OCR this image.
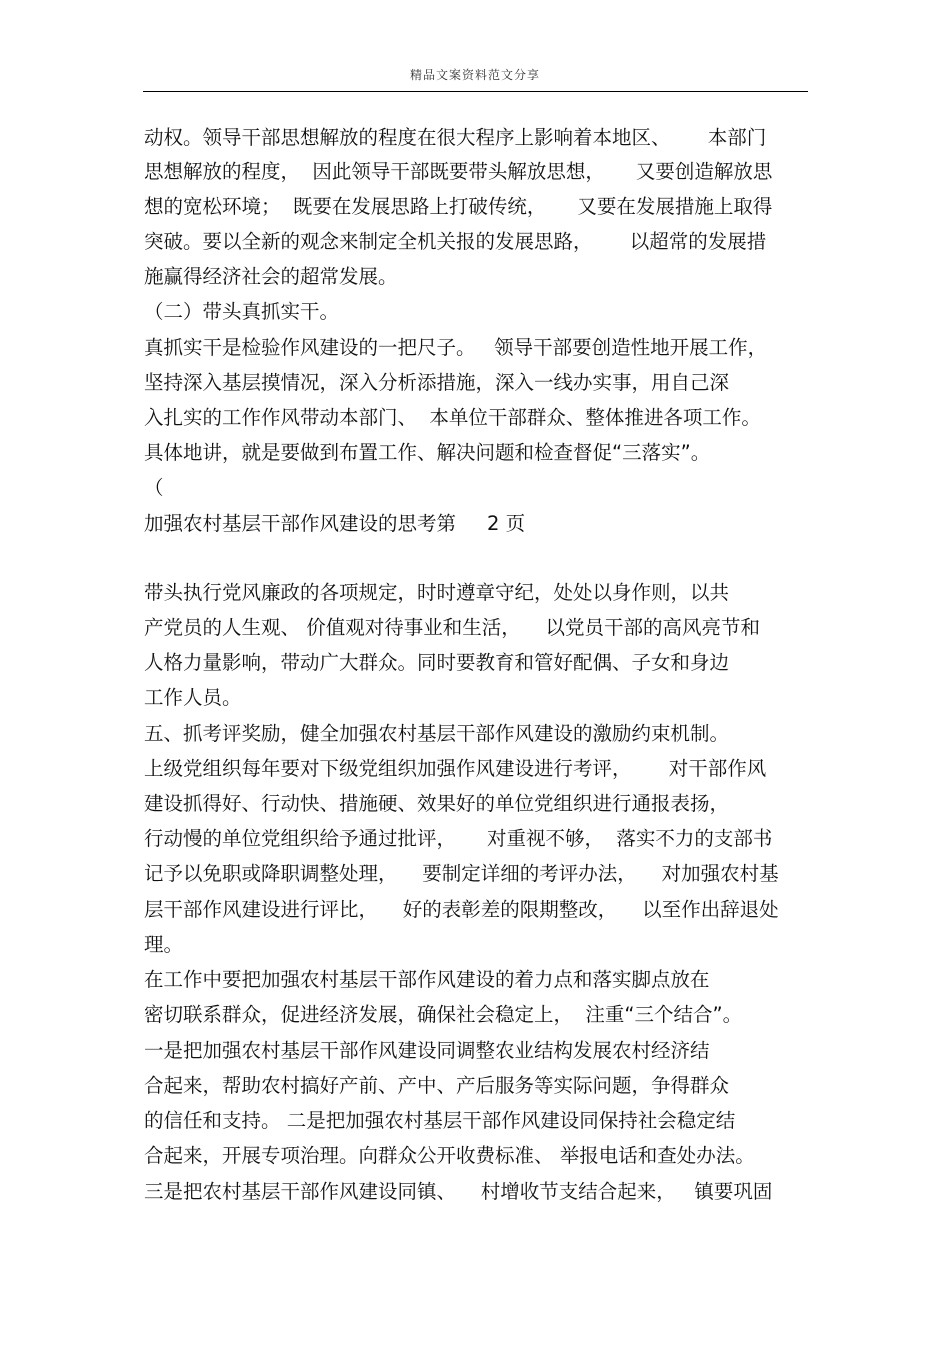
精品文案资料范文分享
动权。领导干部思想解放的程度在很大程序上影响着本地区、      本部门
思想解放的程度，  因此领导干部既要带头解放思想，     又要创造解放思
想的宽松环境；  既要在发展思路上打破传统，     又要在发展措施上取得
突破。要以全新的观念来制定全机关报的发展思路，      以超常的发展措
施赢得经济社会的超常发展。
（二）带头真抓实干。
真抓实干是检验作风建设的一把尺子。   领导干部要创造性地开展工作，
坚持深入基层摸情况，深入分析添措施，深入一线办实事，用自己深
入扎实的工作作风带动本部门、  本单位干部群众、整体推进各项工作。
具体地讲，就是要做到布置工作、解决问题和检查督促“三落实”。
（
加强农村基层干部作风建设的思考第     2 页
带头执行党风廉政的各项规定，时时遵章守纪，处处以身作则，以共
产党员的人生观、 价值观对待事业和生活，    以党员干部的高风亮节和
人格力量影响，带动广大群众。同时要教育和管好配偶、子女和身边
工作人员。
五、抓考评奖励，健全加强农村基层干部作风建设的激励约束机制。
上级党组织每年要对下级党组织加强作风建设进行考评，      对干部作风
建设抓得好、行动快、措施硬、效果好的单位党组织进行通报表扬，
行动慢的单位党组织给予通过批评，     对重视不够，  落实不力的支部书
记予以免职或降职调整处理，    要制定详细的考评办法，    对加强农村基
层干部作风建设进行评比，    好的表彰差的限期整改，    以至作出辞退处
理。
在工作中要把加强农村基层干部作风建设的着力点和落实脚点放在
密切联系群众，促进经济发展，确保社会稳定上，  注重“三个结合”。
一是把加强农村基层干部作风建设同调整农业结构发展农村经济结
合起来，帮助农村搞好产前、产中、产后服务等实际问题，争得群众
的信任和支持。 二是把加强农村基层干部作风建设同保持社会稳定结
合起来，开展专项治理。向群众公开收费标准、 举报电话和查处办法。
三是把农村基层干部作风建设同镇、    村增收节支结合起来，   镇要巩固
